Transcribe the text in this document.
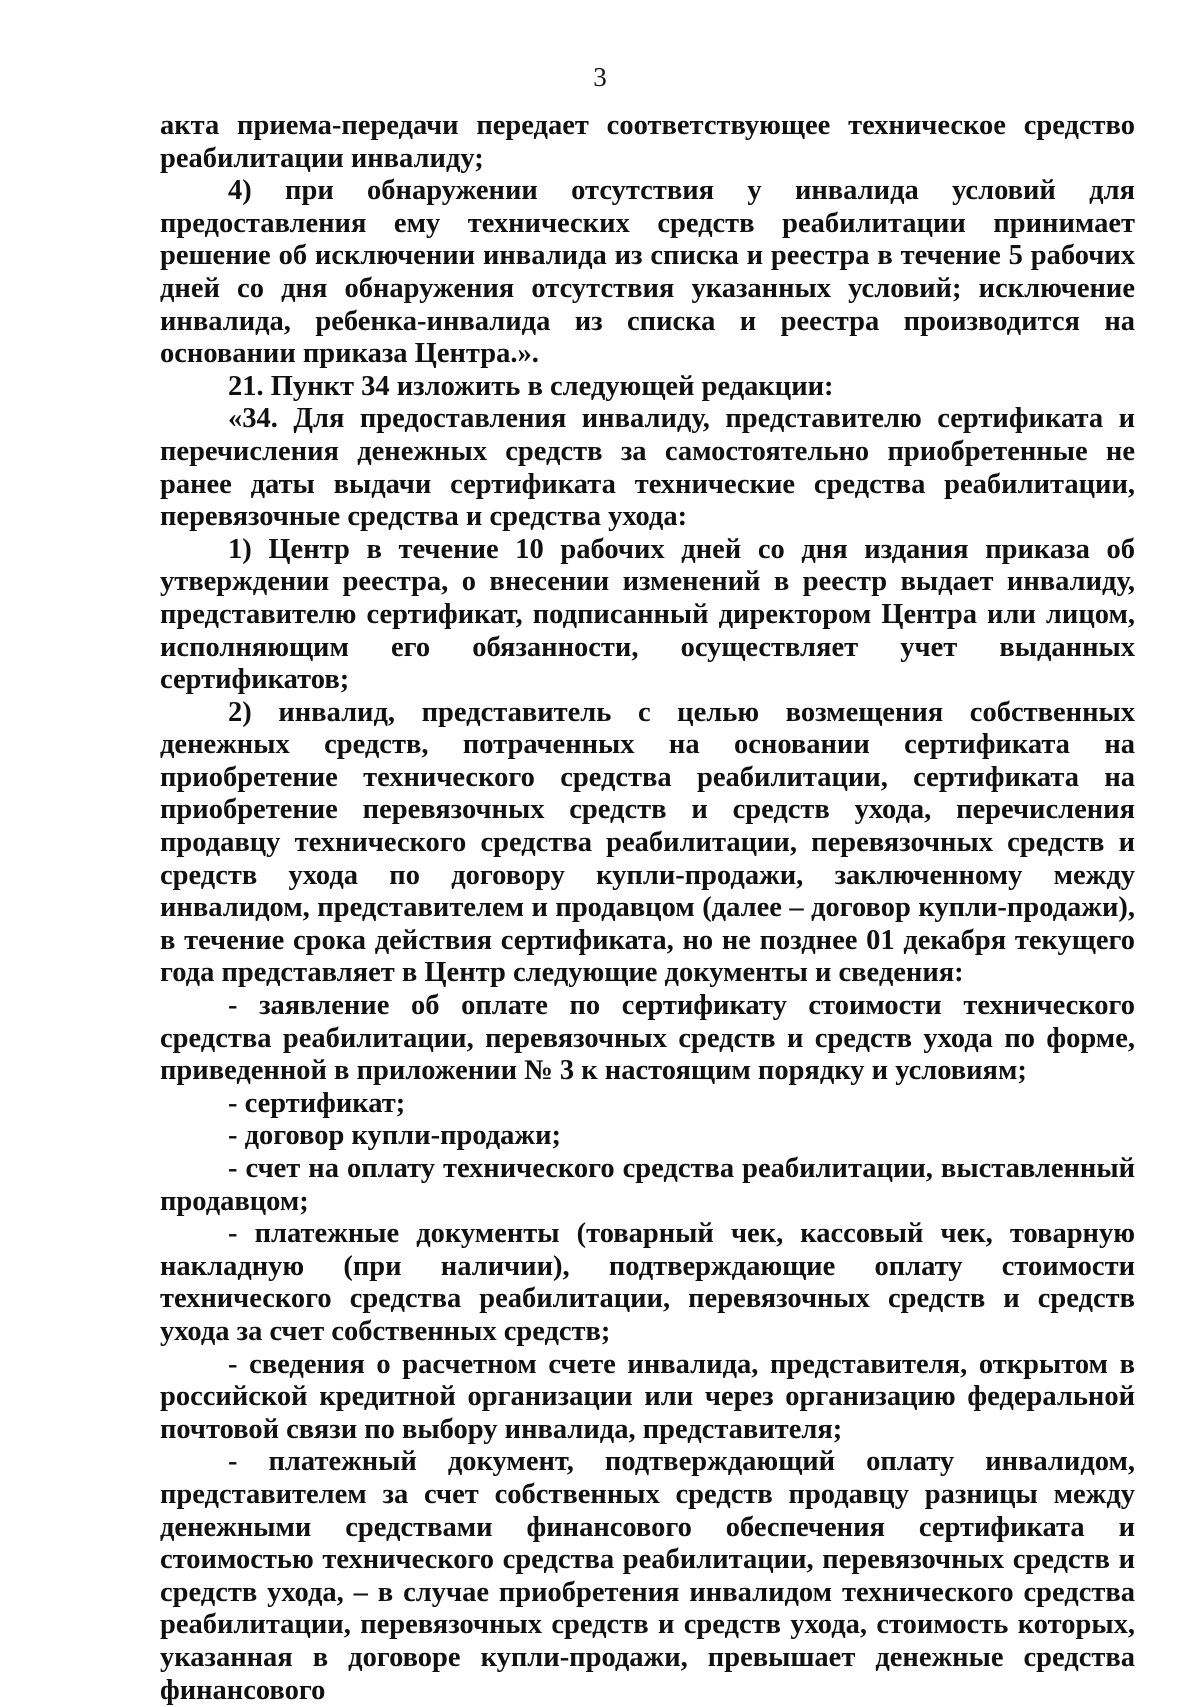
3

акта приема-передачи передает соответствующее техническое средство реабилитации инвалиду;

4) при обнаружении отсутствия у инвалида условий для предоставления ему технических средств реабилитации принимает решение об исключении инвалида из списка и реестра в течение 5 рабочих дней со дня обнаружения отсутствия указанных условий; исключение инвалида, ребенка-инвалида из списка и реестра производится на основании приказа Центра.».

21. Пункт 34 изложить в следующей редакции:

«34. Для предоставления инвалиду, представителю сертификата и перечисления денежных средств за самостоятельно приобретенные не ранее даты выдачи сертификата технические средства реабилитации, перевязочные средства и средства ухода:

1) Центр в течение 10 рабочих дней со дня издания приказа об утверждении реестра, о внесении изменений в реестр выдает инвалиду, представителю сертификат, подписанный директором Центра или лицом, исполняющим его обязанности, осуществляет учет выданных сертификатов;

2) инвалид, представитель с целью возмещения собственных денежных средств, потраченных на основании сертификата на приобретение технического средства реабилитации, сертификата на приобретение перевязочных средств и средств ухода, перечисления продавцу технического средства реабилитации, перевязочных средств и средств ухода по договору купли-продажи, заключенному между инвалидом, представителем и продавцом (далее – договор купли-продажи), в течение срока действия сертификата, но не позднее 01 декабря текущего года представляет в Центр следующие документы и сведения:

- заявление об оплате по сертификату стоимости технического средства реабилитации, перевязочных средств и средств ухода по форме, приведенной в приложении № 3 к настоящим порядку и условиям;

- сертификат;

- договор купли-продажи;

- счет на оплату технического средства реабилитации, выставленный продавцом;

- платежные документы (товарный чек, кассовый чек, товарную накладную (при наличии), подтверждающие оплату стоимости технического средства реабилитации, перевязочных средств и средств ухода за счет собственных средств;

- сведения о расчетном счете инвалида, представителя, открытом в российской кредитной организации или через организацию федеральной почтовой связи по выбору инвалида, представителя;

- платежный документ, подтверждающий оплату инвалидом, представителем за счет собственных средств продавцу разницы между денежными средствами финансового обеспечения сертификата и стоимостью технического средства реабилитации, перевязочных средств и средств ухода, – в случае приобретения инвалидом технического средства реабилитации, перевязочных средств и средств ухода, стоимость которых, указанная в договоре купли-продажи, превышает денежные средства финансового
